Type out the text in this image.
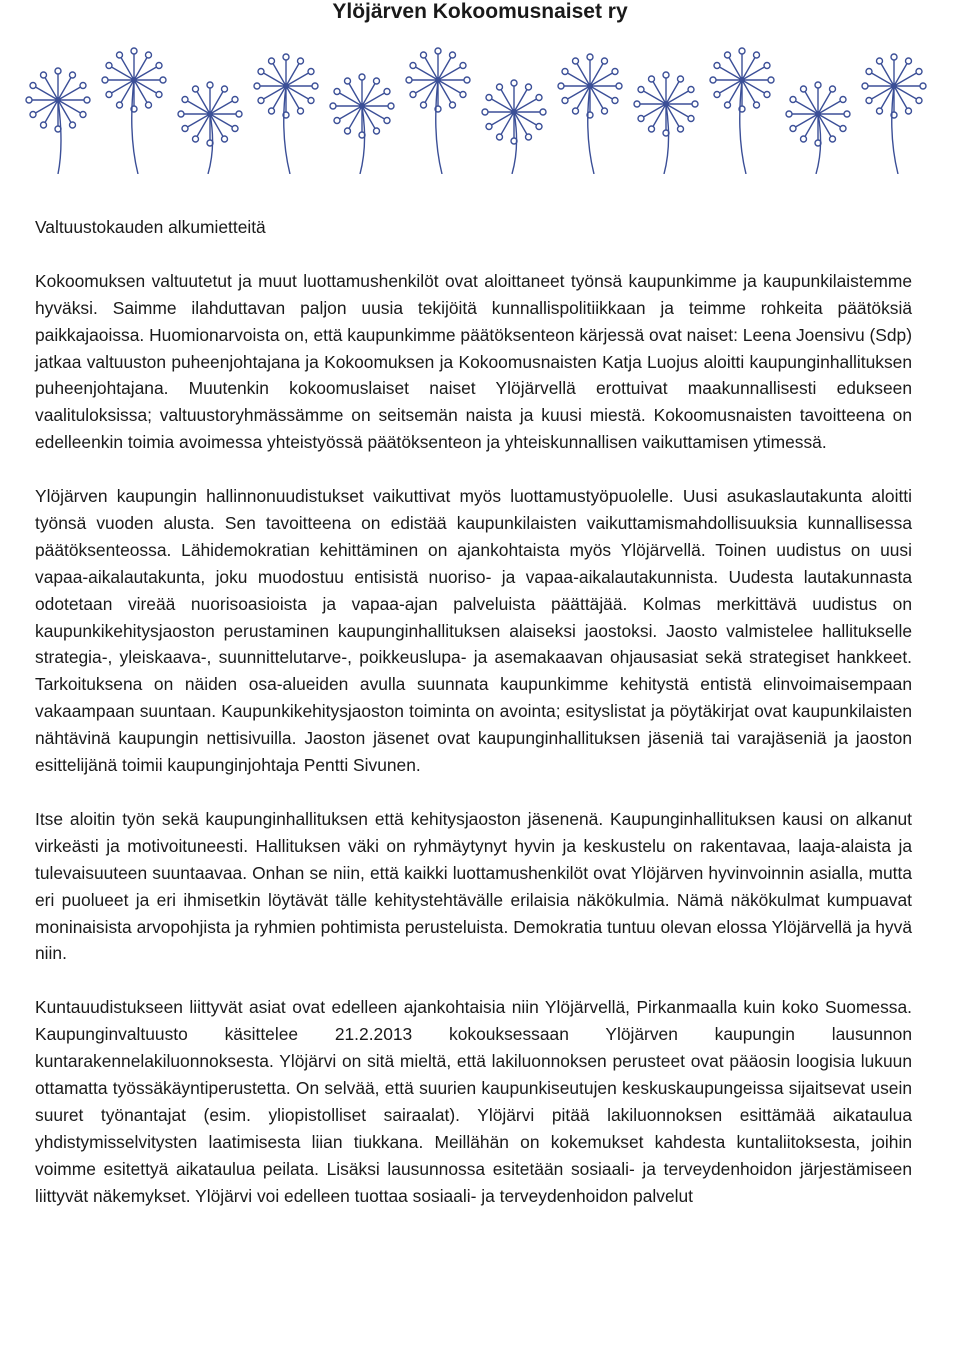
Ylöjärven Kokoomusnaiset ry

Valtuustokauden alkumietteitä

Kokoomuksen valtuutetut ja muut luottamushenkilöt ovat aloittaneet työnsä kaupunkimme ja kaupunkilaistemme hyväksi. Saimme ilahduttavan paljon uusia tekijöitä kunnallispolitiikkaan ja teimme rohkeita päätöksiä paikkajaoissa. Huomionarvoista on, että kaupunkimme päätöksenteon kärjessä ovat naiset: Leena Joensivu (Sdp) jatkaa valtuuston puheenjohtajana ja Kokoomuksen ja Kokoomusnaisten Katja Luojus aloitti kaupunginhallituksen puheenjohtajana. Muutenkin kokoomuslaiset naiset Ylöjärvellä erottuivat maakunnallisesti edukseen vaalituloksissa; valtuustoryhmässämme on seitsemän naista ja kuusi miestä. Kokoomusnaisten tavoitteena on edelleenkin toimia avoimessa yhteistyössä päätöksenteon ja yhteiskunnallisen vaikuttamisen ytimessä.

Ylöjärven kaupungin hallinnonuudistukset vaikuttivat myös luottamustyöpuolelle. Uusi asukaslautakunta aloitti työnsä vuoden alusta. Sen tavoitteena on edistää kaupunkilaisten vaikuttamismahdollisuuksia kunnallisessa päätöksenteossa. Lähidemokratian kehittäminen on ajankohtaista myös Ylöjärvellä. Toinen uudistus on uusi vapaa-aikalautakunta, joku muodostuu entisistä nuoriso- ja vapaa-aikalautakunnista. Uudesta lautakunnasta odotetaan vireää nuorisoasioista ja vapaa-ajan palveluista päättäjää. Kolmas merkittävä uudistus on kaupunkikehitysjaoston perustaminen kaupunginhallituksen alaiseksi jaostoksi. Jaosto valmistelee hallitukselle strategia-, yleiskaava-, suunnittelutarve-, poikkeuslupa- ja asemakaavan ohjausasiat sekä strategiset hankkeet. Tarkoituksena on näiden osa-alueiden avulla suunnata kaupunkimme kehitystä entistä elinvoimaisempaan vakaampaan suuntaan. Kaupunkikehitysjaoston toiminta on avointa; esityslistat ja pöytäkirjat ovat kaupunkilaisten nähtävinä kaupungin nettisivuilla. Jaoston jäsenet ovat kaupunginhallituksen jäseniä tai varajäseniä ja jaoston esittelijänä toimii kaupunginjohtaja Pentti Sivunen.

Itse aloitin työn sekä kaupunginhallituksen että kehitysjaoston jäsenenä. Kaupunginhallituksen kausi on alkanut virkeästi ja motivoituneesti. Hallituksen väki on ryhmäytynyt hyvin ja keskustelu on rakentavaa, laaja-alaista ja tulevaisuuteen suuntaavaa. Onhan se niin, että kaikki luottamushenkilöt ovat Ylöjärven hyvinvoinnin asialla, mutta eri puolueet ja eri ihmisetkin löytävät tälle kehitystehtävälle erilaisia näkökulmia. Nämä näkökulmat kumpuavat moninaisista arvopohjista ja ryhmien pohtimista perusteluista. Demokratia tuntuu olevan elossa Ylöjärvellä ja hyvä niin.

Kuntauudistukseen liittyvät asiat ovat edelleen ajankohtaisia niin Ylöjärvellä, Pirkanmaalla kuin koko Suomessa. Kaupunginvaltuusto käsittelee 21.2.2013 kokouksessaan Ylöjärven kaupungin lausunnon kuntarakennelakiluonnoksesta. Ylöjärvi on sitä mieltä, että lakiluonnoksen perusteet ovat pääosin loogisia lukuun ottamatta työssäkäyntiperustetta. On selvää, että suurien kaupunkiseutujen keskuskaupungeissa sijaitsevat usein suuret työnantajat (esim. yliopistolliset sairaalat). Ylöjärvi pitää lakiluonnoksen esittämää aikataulua yhdistymisselvitysten laatimisesta liian tiukkana. Meillähän on kokemukset kahdesta kuntaliitoksesta, joihin voimme esitettyä aikataulua peilata. Lisäksi lausunnossa esitetään sosiaali- ja terveydenhoidon järjestämiseen liittyvät näkemykset. Ylöjärvi voi edelleen tuottaa sosiaali- ja terveydenhoidon palvelut
